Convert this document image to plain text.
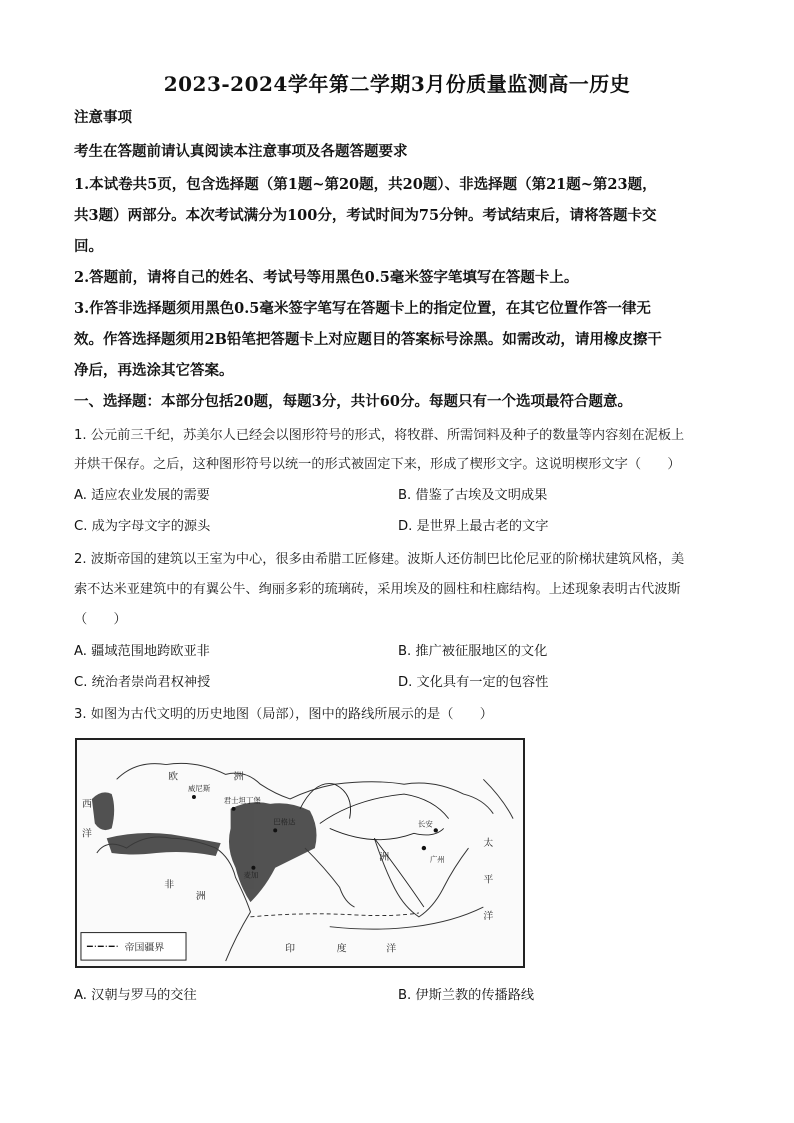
2023-2024学年第二学期3月份质量监测高一历史
注意事项
考生在答题前请认真阅读本注意事项及各题答题要求
1.本试卷共5页，包含选择题（第1题~第20题，共20题）、非选择题（第21题~第23题，
共3题）两部分。本次考试满分为100分，考试时间为75分钟。考试结束后，请将答题卡交
回。
2.答题前，请将自己的姓名、考试号等用黑色0.5毫米签字笔填写在答题卡上。
3.作答非选择题须用黑色0.5毫米签字笔写在答题卡上的指定位置，在其它位置作答一律无
效。作答选择题须用2B铅笔把答题卡上对应题目的答案标号涂黑。如需改动，请用橡皮擦干
净后，再选涂其它答案。
一、选择题：本部分包括20题，每题3分，共计60分。每题只有一个选项最符合题意。
1. 公元前三千纪，苏美尔人已经会以图形符号的形式，将牧群、所需饲料及种子的数量等内容刻在泥板上
并烘干保存。之后，这种图形符号以统一的形式被固定下来，形成了楔形文字。这说明楔形文字（　　）
A. 适应农业发展的需要	B. 借鉴了古埃及文明成果
C. 成为字母文字的源头	D. 是世界上最古老的文字
2. 波斯帝国的建筑以王室为中心，很多由希腊工匠修建。波斯人还仿制巴比伦尼亚的阶梯状建筑风格，美
索不达米亚建筑中的有翼公牛、绚丽多彩的琉璃砖，采用埃及的圆柱和柱廊结构。上述现象表明古代波斯
（　　）
A. 疆域范围地跨欧亚非	B. 推广被征服地区的文化
C. 统治者崇尚君权神授	D. 文化具有一定的包容性
3. 如图为古代文明的历史地图（局部），图中的路线所展示的是（　　）
欧	洲
西
洋
非
洲
洲
太
平
洋
印	度	洋
威尼斯
君士坦丁堡
巴格达
麦加
长安
广州
帝国疆界
A. 汉朝与罗马的交往	B. 伊斯兰教的传播路线
